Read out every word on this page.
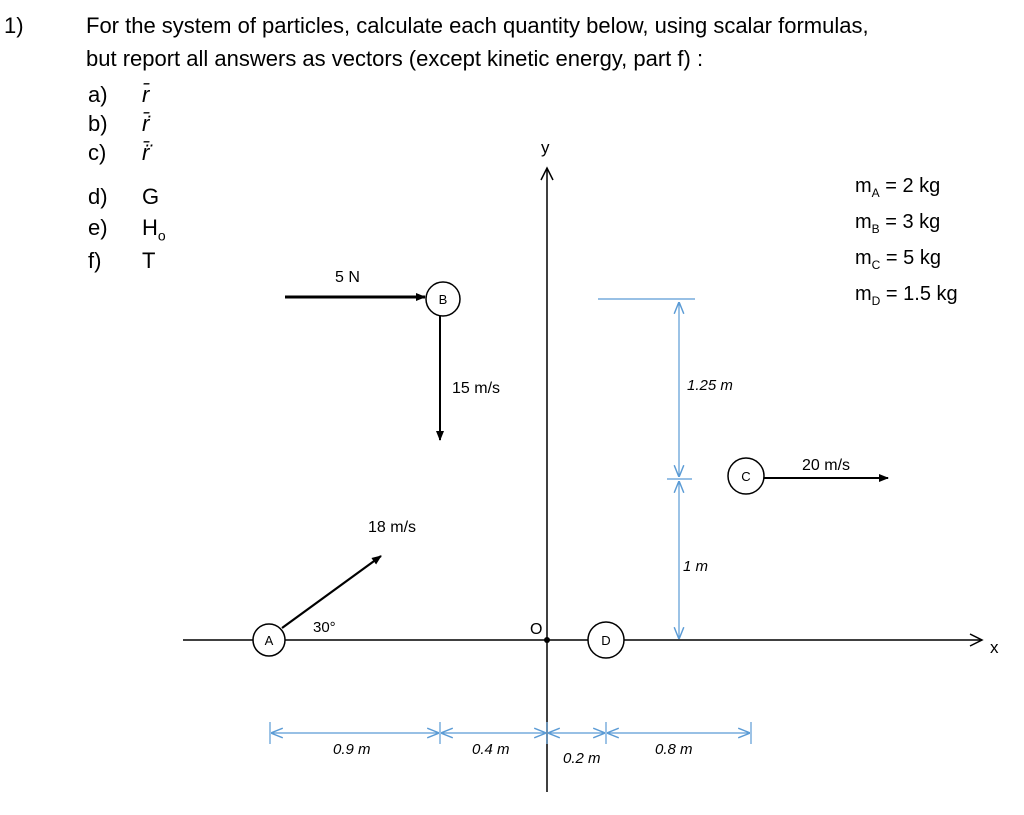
1)	For the system of particles, calculate each quantity below, using scalar formulas,
but report all answers as vectors (except kinetic energy, part f) :
a) r̄
b) r̄̇
c) r̄̈
d) G
e) $H_o$
f) T
$m_A = 2$ kg
$m_B = 3$ kg
$m_C = 5$ kg
$m_D = 1.5$ kg
x
y
O
A
18 m/s
30°
B
5 N
15 m/s
C
20 m/s
D
1.25 m
1 m
0.9 m	0.4 m
0.2 m
0.8 m
